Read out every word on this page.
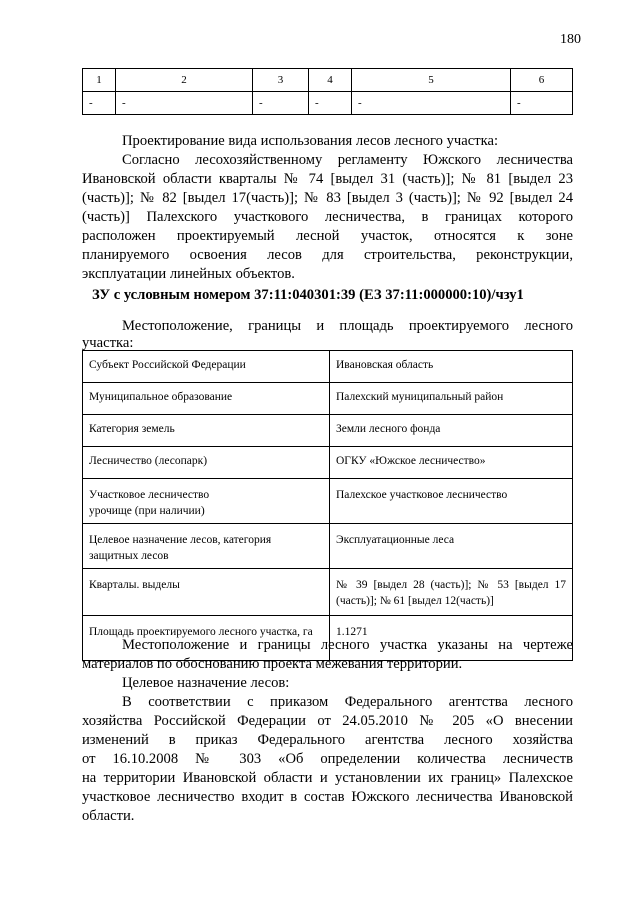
180
1	2	3	4	5	6
-	-	-	-	-	-
Проектирование вида использования лесов лесного участка:
Согласно лесохозяйственному регламенту Южского лесничества
Ивановской области кварталы № 74 [выдел 31 (часть)]; № 81 [выдел 23
(часть)]; № 82 [выдел 17(часть)]; № 83 [выдел 3 (часть)]; № 92 [выдел 24
(часть)] Палехского участкового лесничества, в границах которого
расположен проектируемый лесной участок, относятся к зоне
планируемого освоения лесов для строительства, реконструкции,
эксплуатации линейных объектов.
ЗУ с условным номером 37:11:040301:39 (ЕЗ 37:11:000000:10)/чзу1
Местоположение, границы и площадь проектируемого лесного
участка:
Субъект Российской Федерации	Ивановская область
Муниципальное образование	Палехский муниципальный район
Категория земель	Земли лесного фонда
Лесничество (лесопарк)	ОГКУ «Южское лесничество»
Участковое лесничество
урочище (при наличии)	Палехское участковое лесничество
Целевое назначение лесов, категория защитных лесов	Эксплуатационные леса
Кварталы. выделы	№ 39 [выдел 28 (часть)]; № 53 [выдел 17 (часть)]; № 61 [выдел 12(часть)]
Площадь проектируемого лесного участка, га	1.1271
Местоположение и границы лесного участка указаны на чертеже
материалов по обоснованию проекта межевания территории.
Целевое назначение лесов:
В соответствии с приказом Федерального агентства лесного
хозяйства Российской Федерации от 24.05.2010 № 205 «О внесении
изменений в приказ Федерального агентства лесного хозяйства
от 16.10.2008 № 303 «Об определении количества лесничеств
на территории Ивановской области и установлении их границ» Палехское
участковое лесничество входит в состав Южского лесничества Ивановской
области.
